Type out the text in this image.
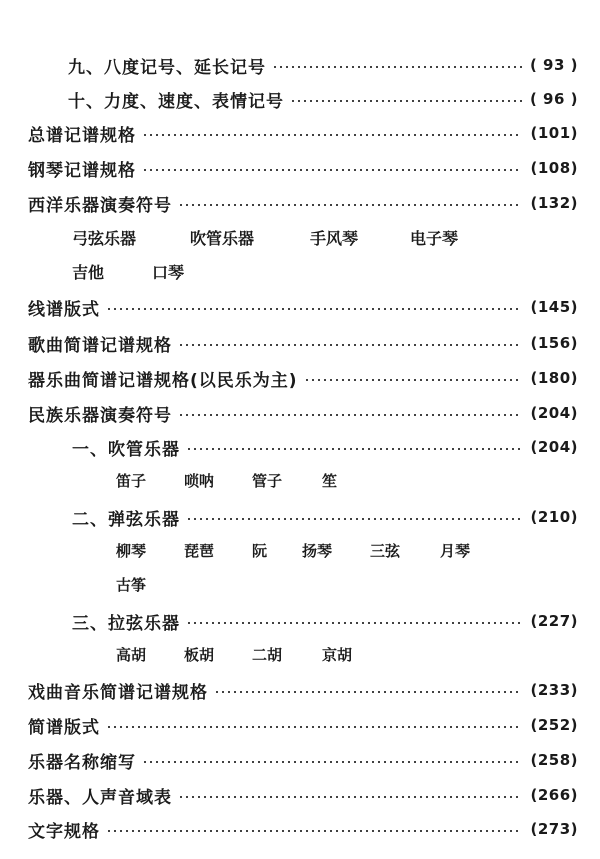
九、八度记号、延长记号	( 93 )
十、力度、速度、表情记号	( 96 )
总谱记谱规格	(101)
钢琴记谱规格	(108)
西洋乐器演奏符号	(132)
弓弦乐器	吹管乐器	手风琴	电子琴
吉他	口琴
线谱版式	(145)
歌曲简谱记谱规格	(156)
器乐曲简谱记谱规格(以民乐为主)	(180)
民族乐器演奏符号	(204)
一、吹管乐器	(204)
笛子	唢呐	管子	笙
二、弹弦乐器	(210)
柳琴	琵琶	阮 扬琴	三弦	月琴
古筝
三、拉弦乐器	(227)
高胡	板胡	二胡	京胡
戏曲音乐简谱记谱规格	(233)
简谱版式	(252)
乐器名称缩写	(258)
乐器、人声音域表	(266)
文字规格	(273)
